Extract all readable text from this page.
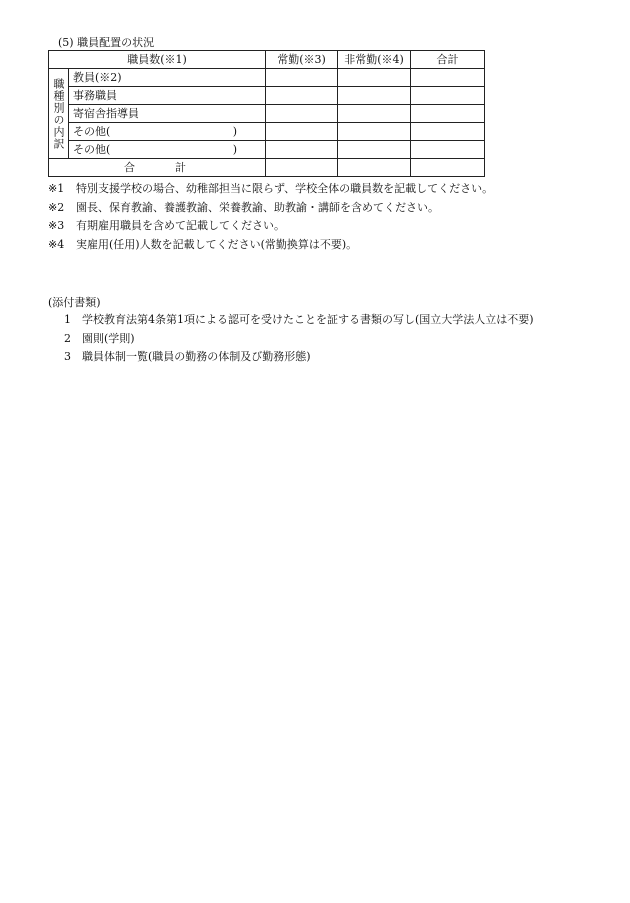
(5) 職員配置の状況
職員数(※1)		常勤(※3)	非常勤(※4)	合計
職種別の内訳	教員(※2)			
	事務職員			
	寄宿舎指導員			
	その他( )			

	その他( )			

合計				
※1	特別支援学校の場合、幼稚部担当に限らず、学校全体の職員数を記載してください。
※2	園長、保育教諭、養護教諭、栄養教諭、助教諭・講師を含めてください。
※3	有期雇用職員を含めて記載してください。
※4	実雇用(任用)人数を記載してください(常勤換算は不要)。
(添付書類)
1	学校教育法第4条第1項による認可を受けたことを証する書類の写し(国立大学法人立は不要)
2	園則(学則)
3	職員体制一覧(職員の勤務の体制及び勤務形態)
